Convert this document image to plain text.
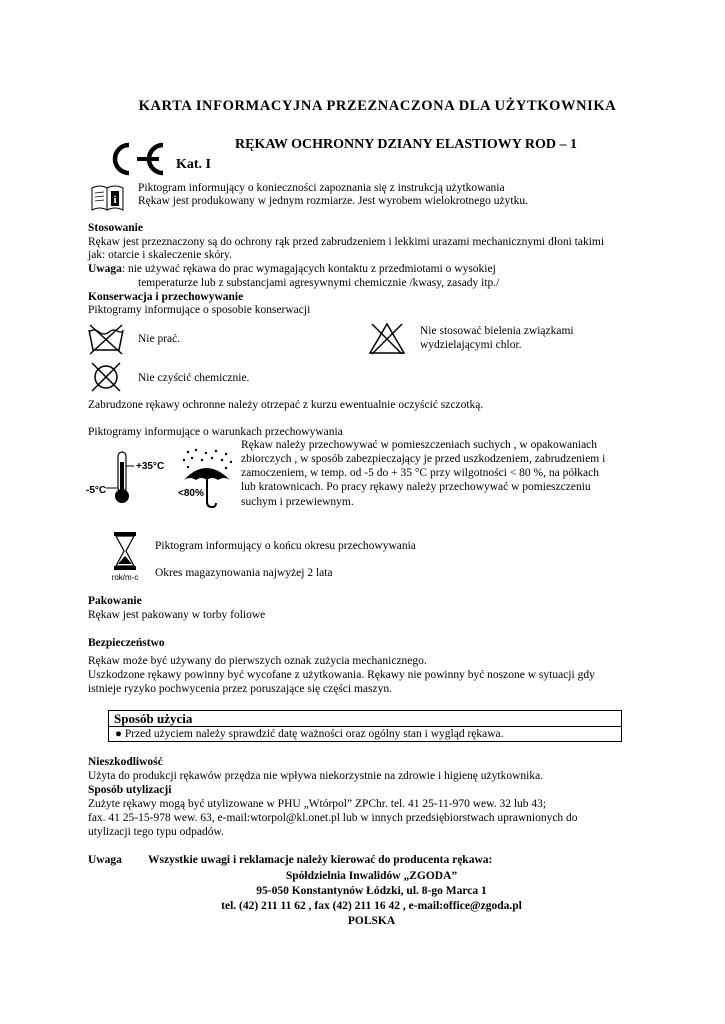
KARTA INFORMACYJNA PRZEZNACZONA DLA UŻYTKOWNIKA
RĘKAW OCHRONNY DZIANY ELASTIOWY ROD – 1
Kat. I
i
Piktogram informujący o konieczności zapoznania się z instrukcją użytkowania
Rękaw jest produkowany w jednym rozmiarze. Jest wyrobem wielokrotnego użytku.
Stosowanie
Rękaw jest przeznaczony są do ochrony rąk przed zabrudzeniem i lekkimi urazami mechanicznymi dłoni takimi
jak: otarcie i skaleczenie skóry.
Uwaga: nie używać rękawa do prac wymagających kontaktu z przedmiotami o wysokiej
temperaturze lub z substancjami agresywnymi chemicznie /kwasy, zasady itp./
Konserwacja i przechowywanie
Piktogramy informujące o sposobie konserwacji
Nie prać.
Nie stosować bielenia związkami
wydzielającymi chlor.
Nie czyścić chemicznie.
Zabrudzone rękawy ochronne należy otrzepać z kurzu ewentualnie oczyścić szczotką.
Piktogramy informujące o warunkach przechowywania
+35°C
-5°C	<80%
Rękaw należy przechowywać w pomieszczeniach suchych , w opakowaniach
zbiorczych , w sposób zabezpieczający je przed uszkodzeniem, zabrudzeniem i
zamoczeniem, w temp. od -5 do + 35 °C przy wilgotności < 80 %, na półkach
lub kratownicach. Po pracy rękawy należy przechowywać w pomieszczeniu
suchym i przewiewnym.
rok/m-c
Piktogram informujący o końcu okresu przechowywania
Okres magazynowania najwyżej 2 lata
Pakowanie
Rękaw jest pakowany w torby foliowe
Bezpieczeństwo
Rękaw może być używany do pierwszych oznak zużycia mechanicznego.
Uszkodzone rękawy powinny być wycofane z użytkowania. Rękawy nie powinny być noszone w sytuacji gdy
istnieje ryzyko pochwycenia przez poruszające się części maszyn.
Sposób użycia
● Przed użyciem należy sprawdzić datę ważności oraz ogólny stan i wygląd rękawa.
Nieszkodliwość
Użyta do produkcji rękawów przędza nie wpływa niekorzystnie na zdrowie i higienę użytkownika.
Sposób utylizacji
Zużyte rękawy mogą być utylizowane w PHU „Wtórpol” ZPChr. tel. 41 25-11-970 wew. 32 lub 43;
fax. 41 25-15-978 wew. 63, e-mail:wtorpol@kl.onet.pl lub w innych przedsiębiorstwach uprawnionych do
utylizacji tego typu odpadów.
Uwaga Wszystkie uwagi i reklamacje należy kierować do producenta rękawa:
Spółdzielnia Inwalidów „ZGODA”
95-050 Konstantynów Łódzki, ul. 8-go Marca 1
tel. (42) 211 11 62 , fax (42) 211 16 42 , e-mail:office@zgoda.pl
POLSKA
